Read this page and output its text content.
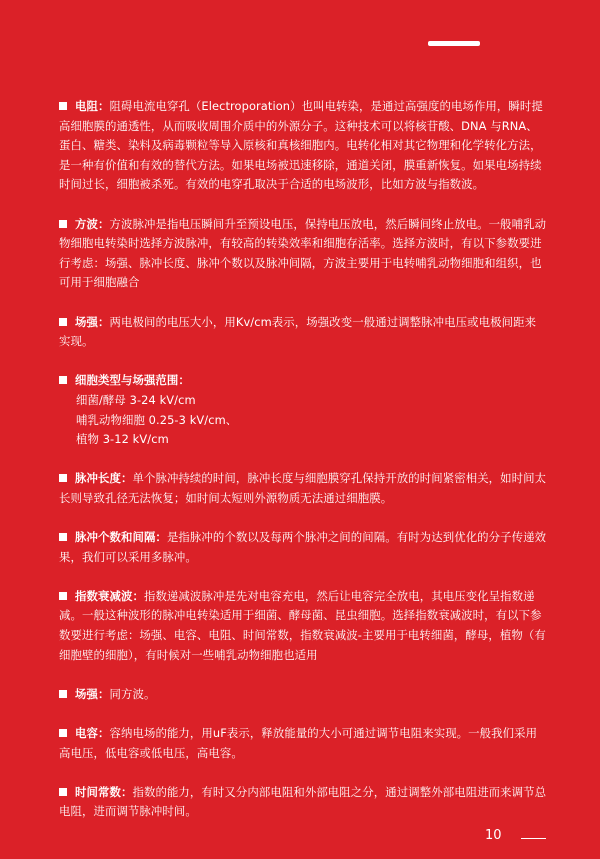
电阻：阻碍电流电穿孔（Electroporation）也叫电转染，是通过高强度的电场作用，瞬时提高细胞膜的通透性，从而吸收周围介质中的外源分子。这种技术可以将核苷酸、DNA 与RNA、蛋白、糖类、染料及病毒颗粒等导入原核和真核细胞内。电转化相对其它物理和化学转化方法，是一种有价值和有效的替代方法。如果电场被迅速移除，通道关闭，膜重新恢复。如果电场持续时间过长，细胞被杀死。有效的电穿孔取决于合适的电场波形，比如方波与指数波。
方波：方波脉冲是指电压瞬间升至预设电压，保持电压放电，然后瞬间终止放电。一般哺乳动物细胞电转染时选择方波脉冲，有较高的转染效率和细胞存活率。选择方波时，有以下参数要进行考虑：场强、脉冲长度、脉冲个数以及脉冲间隔，方波主要用于电转哺乳动物细胞和组织，也可用于细胞融合
场强：两电极间的电压大小，用Kv/cm表示，场强改变一般通过调整脉冲电压或电极间距来实现。
细胞类型与场强范围：
细菌/酵母 3-24 kV/cm
哺乳动物细胞 0.25-3 kV/cm、
植物 3-12 kV/cm
脉冲长度：单个脉冲持续的时间，脉冲长度与细胞膜穿孔保持开放的时间紧密相关，如时间太长则导致孔径无法恢复；如时间太短则外源物质无法通过细胞膜。
脉冲个数和间隔：是指脉冲的个数以及每两个脉冲之间的间隔。有时为达到优化的分子传递效果，我们可以采用多脉冲。
指数衰减波：指数递减波脉冲是先对电容充电，然后让电容完全放电，其电压变化呈指数递减。一般这种波形的脉冲电转染适用于细菌、酵母菌、昆虫细胞。选择指数衰减波时，有以下参数要进行考虑：场强、电容、电阻、时间常数，指数衰减波-主要用于电转细菌，酵母，植物（有细胞壁的细胞），有时候对一些哺乳动物细胞也适用
场强：同方波。
电容：容纳电场的能力，用uF表示，释放能量的大小可通过调节电阻来实现。一般我们采用高电压，低电容或低电压，高电容。
时间常数：指数的能力，有时又分内部电阻和外部电阻之分，通过调整外部电阻进而来调节总电阻，进而调节脉冲时间。
10
